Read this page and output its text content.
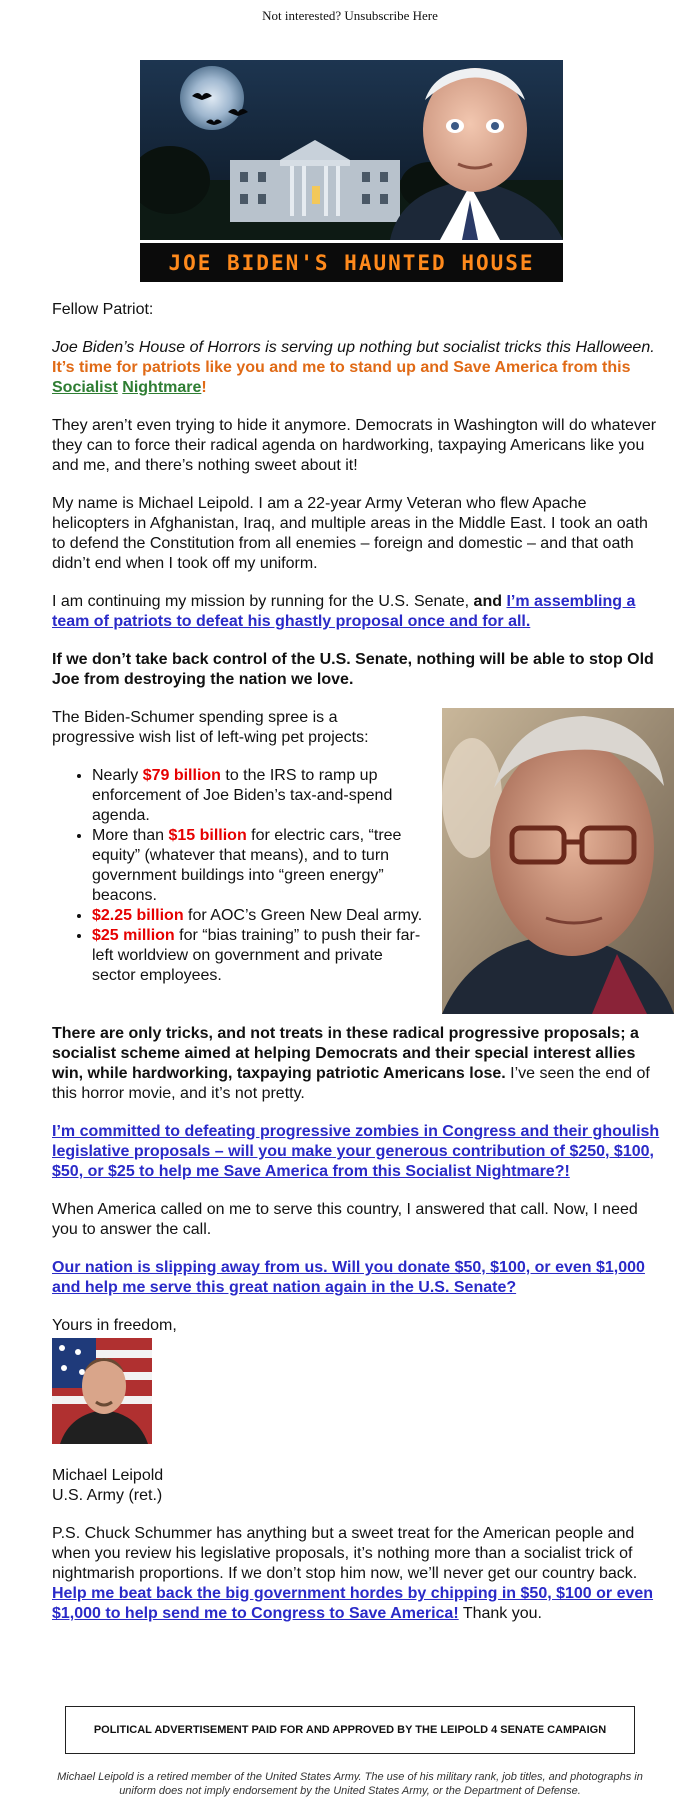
Not interested? Unsubscribe Here
JOE BIDEN'S HAUNTED HOUSE

Fellow Patriot:

Joe Biden’s House of Horrors is serving up nothing but socialist tricks this Halloween. It’s time for patriots like you and me to stand up and Save America from this Socialist Nightmare!

They aren’t even trying to hide it anymore. Democrats in Washington will do whatever they can to force their radical agenda on hardworking, taxpaying Americans like you and me, and there’s nothing sweet about it!

My name is Michael Leipold. I am a 22-year Army Veteran who flew Apache helicopters in Afghanistan, Iraq, and multiple areas in the Middle East. I took an oath to defend the Constitution from all enemies – foreign and domestic – and that oath didn’t end when I took off my uniform.

I am continuing my mission by running for the U.S. Senate, and I’m assembling a team of patriots to defeat his ghastly proposal once and for all.

If we don’t take back control of the U.S. Senate, nothing will be able to stop Old Joe from destroying the nation we love.

The Biden-Schumer spending spree is a progressive wish list of left-wing pet projects:

• Nearly $79 billion to the IRS to ramp up enforcement of Joe Biden’s tax-and-spend agenda.
• More than $15 billion for electric cars, “tree equity” (whatever that means), and to turn government buildings into “green energy” beacons.
• $2.25 billion for AOC’s Green New Deal army.
• $25 million for “bias training” to push their far-left worldview on government and private sector employees.

There are only tricks, and not treats in these radical progressive proposals; a socialist scheme aimed at helping Democrats and their special interest allies win, while hardworking, taxpaying patriotic Americans lose. I’ve seen the end of this horror movie, and it’s not pretty.

I’m committed to defeating progressive zombies in Congress and their ghoulish legislative proposals – will you make your generous contribution of $250, $100, $50, or $25 to help me Save America from this Socialist Nightmare?!

When America called on me to serve this country, I answered that call. Now, I need you to answer the call.

Our nation is slipping away from us. Will you donate $50, $100, or even $1,000 and help me serve this great nation again in the U.S. Senate?

Yours in freedom,

Michael Leipold
U.S. Army (ret.)

P.S. Chuck Schummer has anything but a sweet treat for the American people and when you review his legislative proposals, it’s nothing more than a socialist trick of nightmarish proportions. If we don’t stop him now, we’ll never get our country back. Help me beat back the big government hordes by chipping in $50, $100 or even $1,000 to help send me to Congress to Save America! Thank you.

POLITICAL ADVERTISEMENT PAID FOR AND APPROVED BY THE LEIPOLD 4 SENATE CAMPAIGN
Michael Leipold is a retired member of the United States Army. The use of his military rank, job titles, and photographs in uniform does not imply endorsement by the United States Army, or the Department of Defense.
